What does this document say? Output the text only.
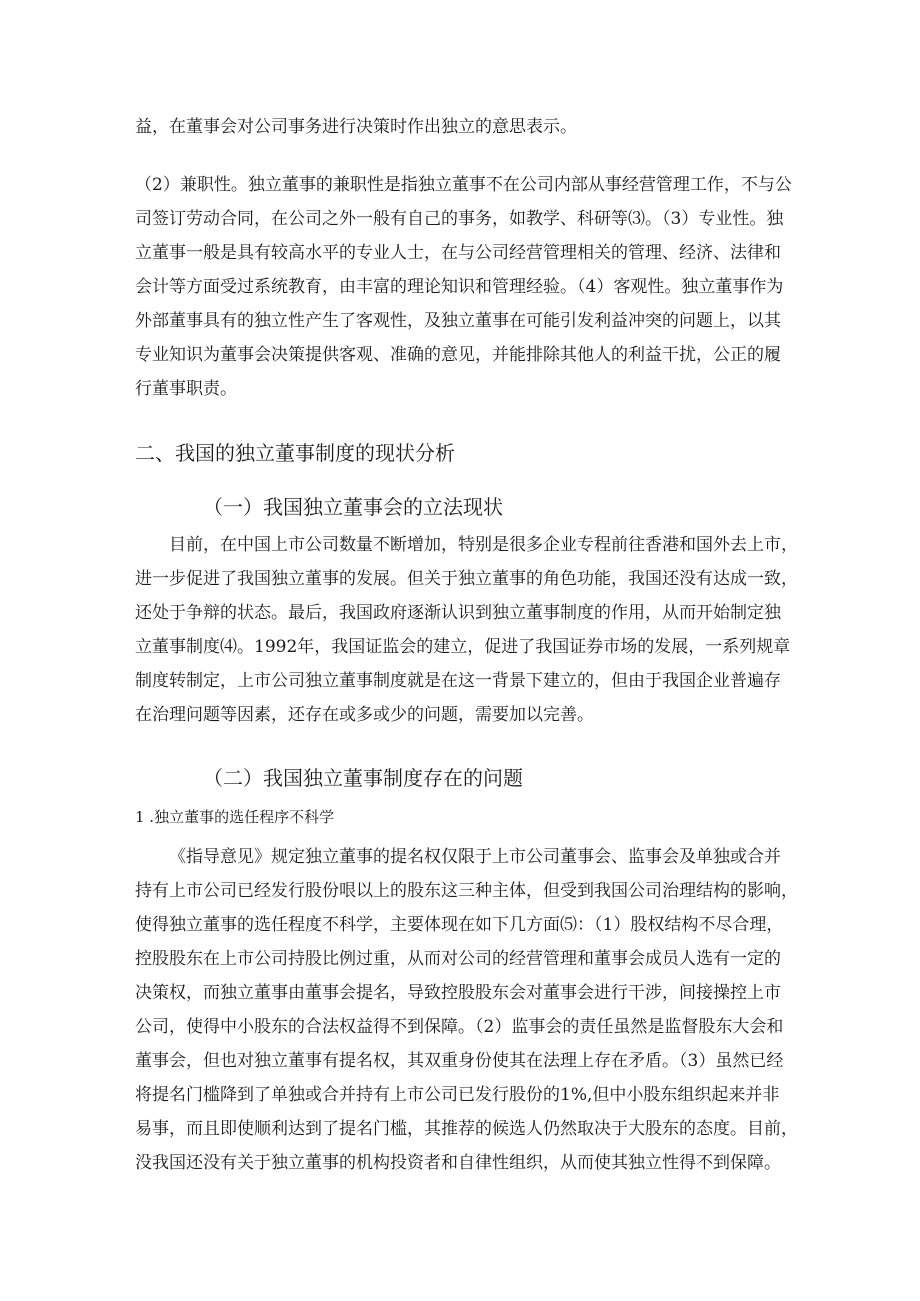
益，在董事会对公司事务进行决策时作出独立的意思表示。

（2）兼职性。独立董事的兼职性是指独立董事不在公司内部从事经营管理工作，不与公
司签订劳动合同，在公司之外一般有自己的事务，如教学、科研等⑶。（3）专业性。独
立董事一般是具有较高水平的专业人士，在与公司经营管理相关的管理、经济、法律和
会计等方面受过系统教育，由丰富的理论知识和管理经验。（4）客观性。独立董事作为
外部董事具有的独立性产生了客观性，及独立董事在可能引发利益冲突的问题上，以其
专业知识为董事会决策提供客观、准确的意见，并能排除其他人的利益干扰，公正的履
行董事职责。

二、我国的独立董事制度的现状分析
（一）我国独立董事会的立法现状

目前，在中国上市公司数量不断增加，特别是很多企业专程前往香港和国外去上市，
进一步促进了我国独立董事的发展。但关于独立董事的角色功能，我国还没有达成一致，
还处于争辩的状态。最后，我国政府逐渐认识到独立董事制度的作用，从而开始制定独
立董事制度⑷。1992年，我国证监会的建立，促进了我国证券市场的发展，一系列规章
制度转制定，上市公司独立董事制度就是在这一背景下建立的，但由于我国企业普遍存
在治理问题等因素，还存在或多或少的问题，需要加以完善。

（二）我国独立董事制度存在的问题
1 .独立董事的选任程序不科学

《指导意见》规定独立董事的提名权仅限于上市公司董事会、监事会及单独或合并
持有上市公司已经发行股份哏以上的股东这三种主体，但受到我国公司治理结构的影响，
使得独立董事的选任程度不科学，主要体现在如下几方面⑸：（1）股权结构不尽合理，
控股股东在上市公司持股比例过重，从而对公司的经营管理和董事会成员人选有一定的
决策权，而独立董事由董事会提名，导致控股股东会对董事会进行干涉，间接操控上市
公司，使得中小股东的合法权益得不到保障。（2）监事会的责任虽然是监督股东大会和
董事会，但也对独立董事有提名权，其双重身份使其在法理上存在矛盾。（3）虽然已经
将提名门槛降到了单独或合并持有上市公司已发行股份的1%,但中小股东组织起来并非
易事，而且即使顺利达到了提名门槛，其推荐的候选人仍然取决于大股东的态度。目前，
没我国还没有关于独立董事的机构投资者和自律性组织，从而使其独立性得不到保障。
